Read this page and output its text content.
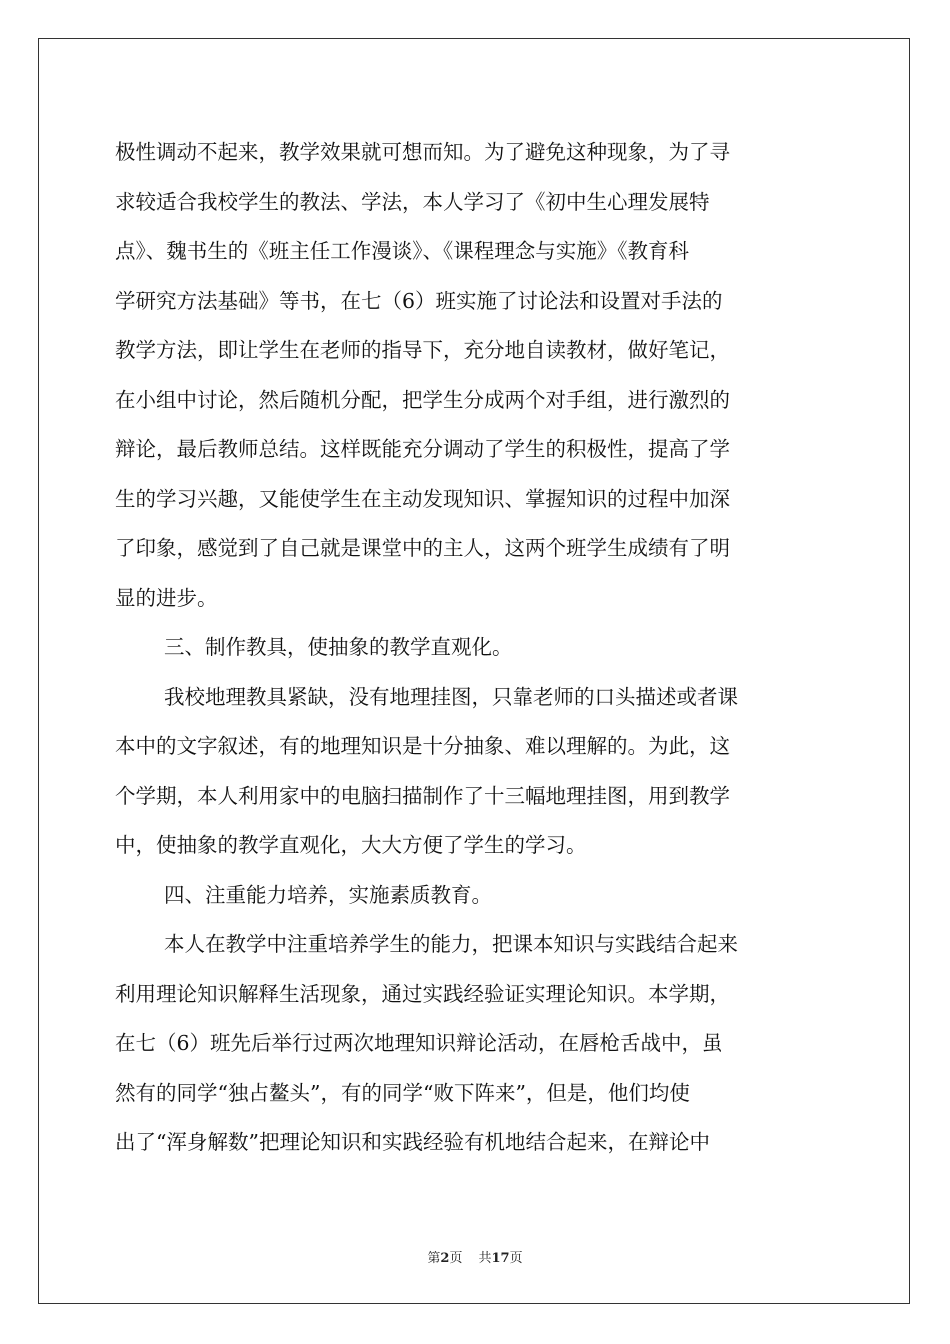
极性调动不起来，教学效果就可想而知。为了避免这种现象，为了寻
求较适合我校学生的教法、学法，本人学习了《初中生心理发展特
点》、魏书生的《班主任工作漫谈》、《课程理念与实施》《教育科
学研究方法基础》等书，在七（6）班实施了讨论法和设置对手法的
教学方法，即让学生在老师的指导下，充分地自读教材，做好笔记，
在小组中讨论，然后随机分配，把学生分成两个对手组，进行激烈的
辩论，最后教师总结。这样既能充分调动了学生的积极性，提高了学
生的学习兴趣，又能使学生在主动发现知识、掌握知识的过程中加深
了印象，感觉到了自己就是课堂中的主人，这两个班学生成绩有了明
显的进步。
三、制作教具，使抽象的教学直观化。
我校地理教具紧缺，没有地理挂图，只靠老师的口头描述或者课
本中的文字叙述，有的地理知识是十分抽象、难以理解的。为此，这
个学期，本人利用家中的电脑扫描制作了十三幅地理挂图，用到教学
中，使抽象的教学直观化，大大方便了学生的学习。
四、注重能力培养，实施素质教育。
本人在教学中注重培养学生的能力，把课本知识与实践结合起来
利用理论知识解释生活现象，通过实践经验证实理论知识。本学期，
在七（6）班先后举行过两次地理知识辩论活动，在唇枪舌战中，虽
然有的同学“独占鳌头”，有的同学“败下阵来”，但是，他们均使
出了“浑身解数”把理论知识和实践经验有机地结合起来，在辩论中
第2页 共17页
